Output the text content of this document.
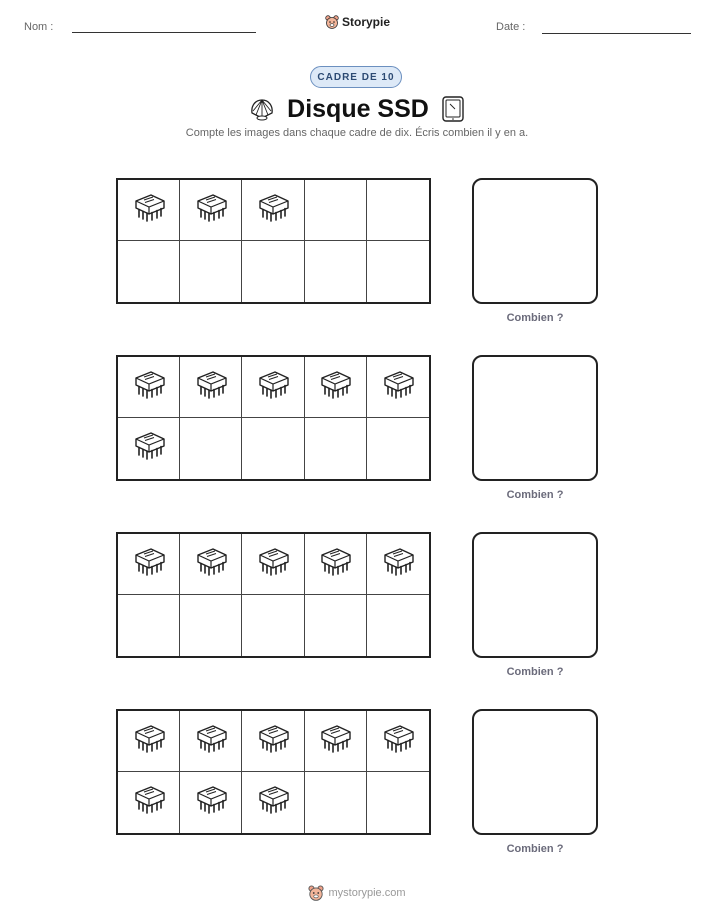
Nom :	Storypie	Date :
CADRE DE 10
Disque SSD
Compte les images dans chaque cadre de dix. Écris combien il y en a.
Combien ?
Combien ?
Combien ?
Combien ?
mystorypie.com
